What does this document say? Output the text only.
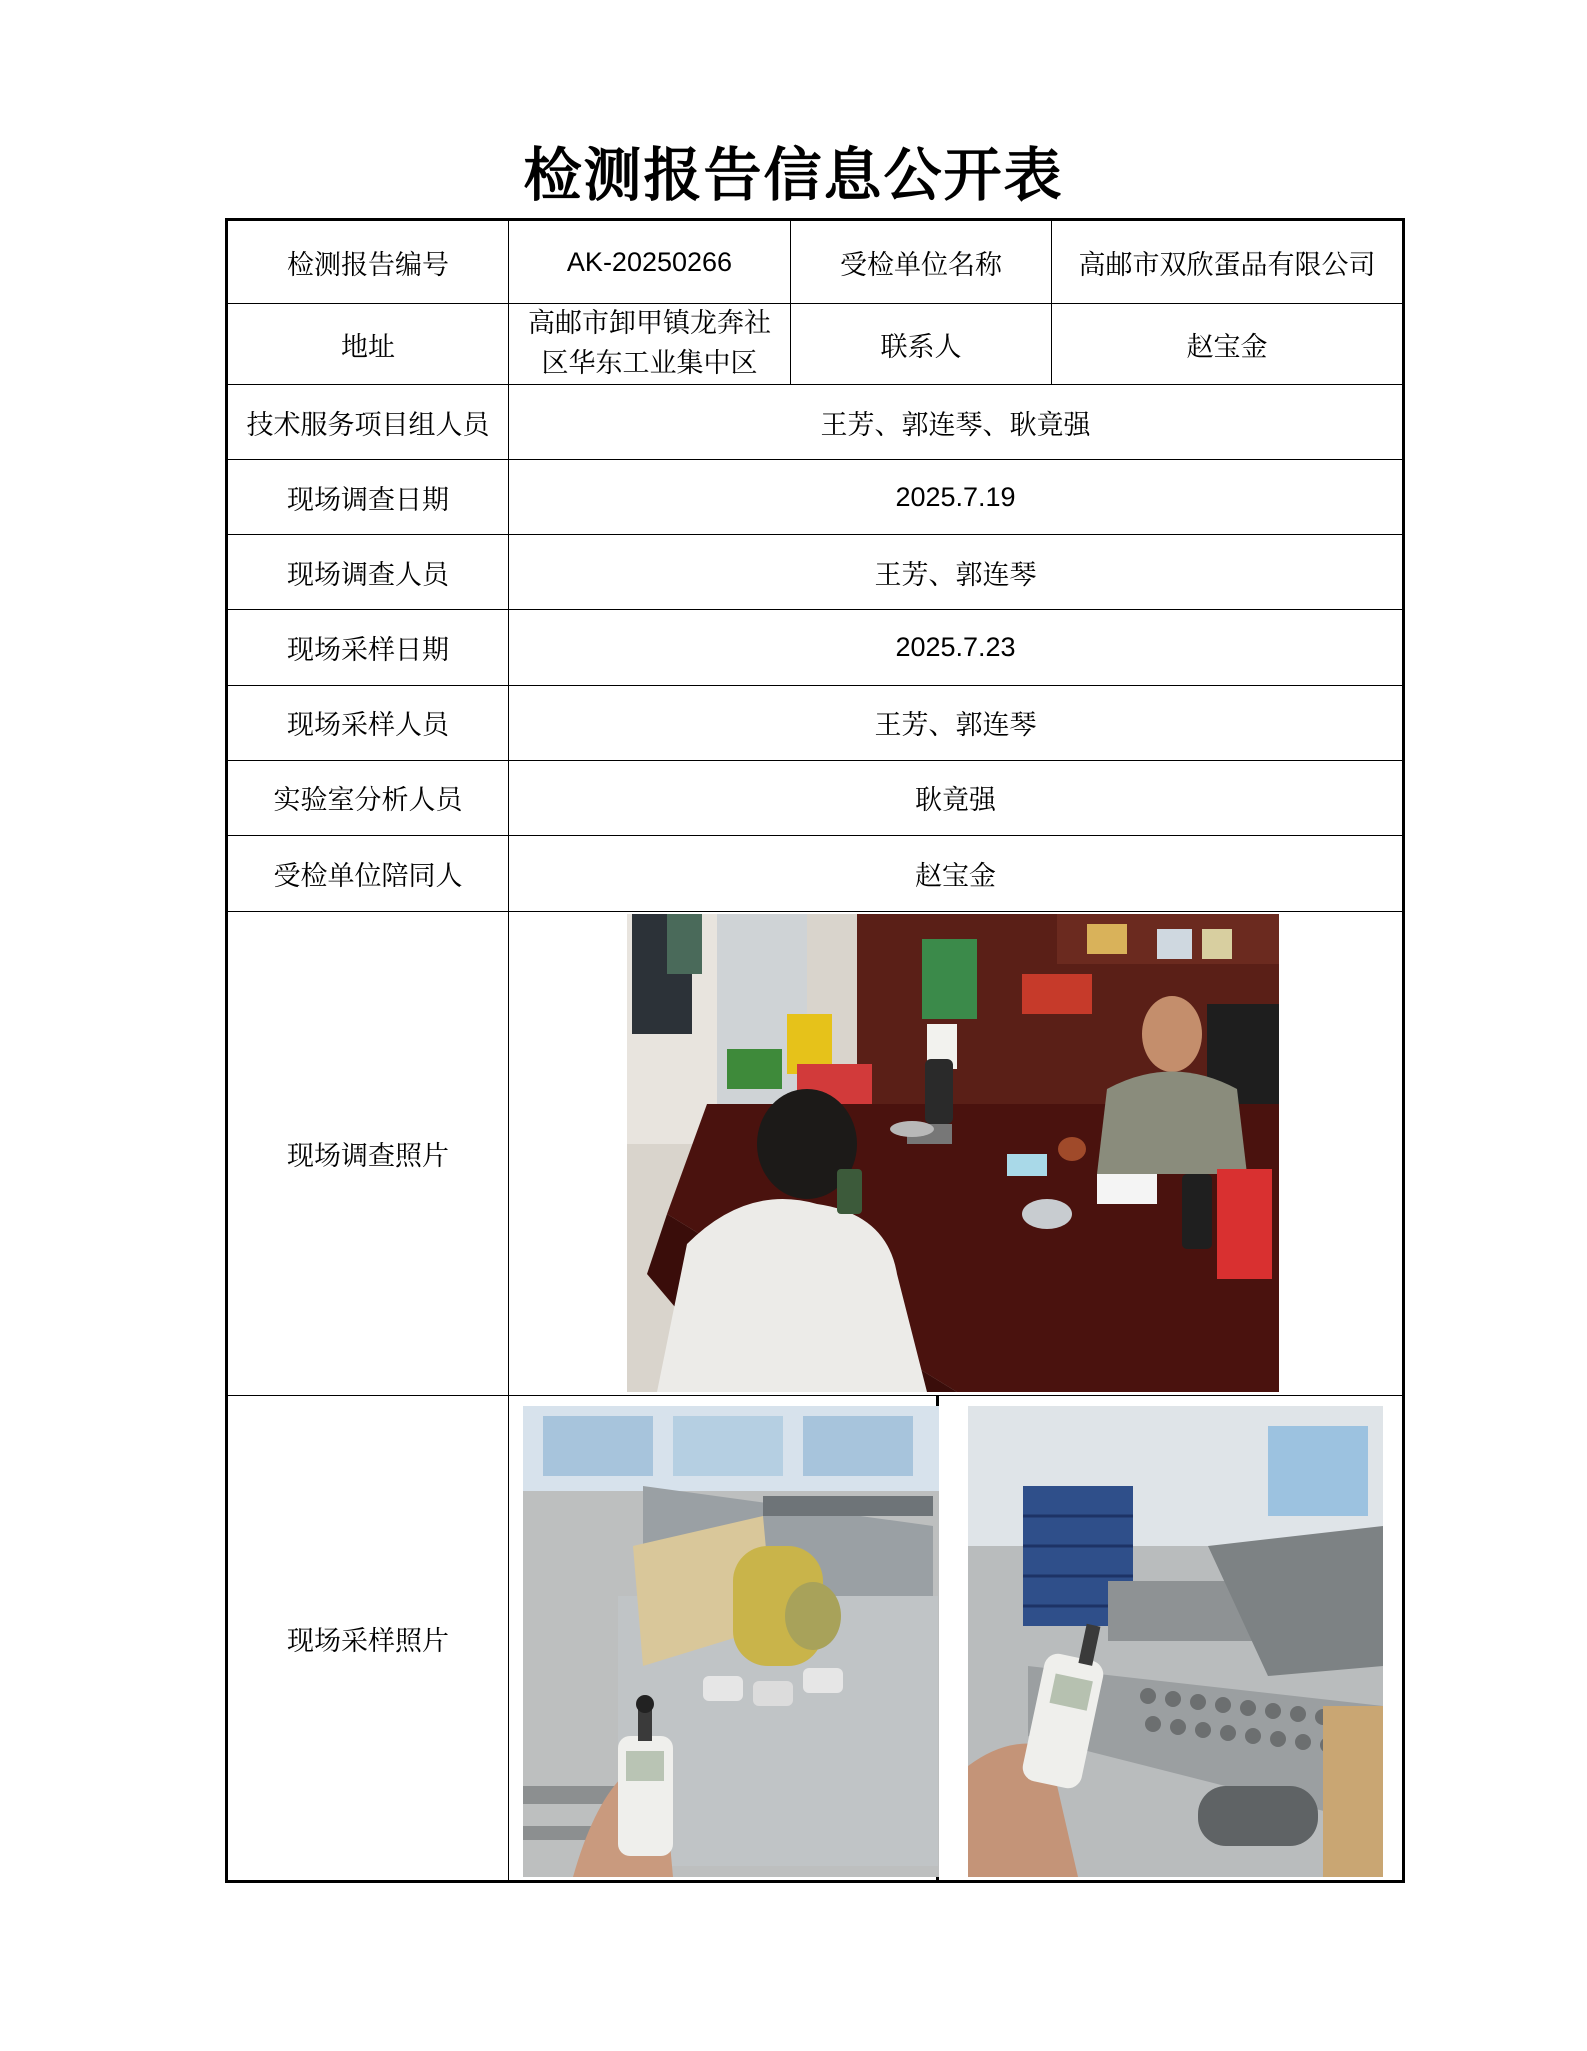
检测报告信息公开表
检测报告编号	AK-20250266	受检单位名称	高邮市双欣蛋品有限公司
地址	高邮市卸甲镇龙奔社区华东工业集中区	联系人	赵宝金
技术服务项目组人员	王芳、郭连琴、耿竟强		
现场调查日期	2025.7.19		
现场调查人员	王芳、郭连琴		
现场采样日期	2025.7.23		
现场采样人员	王芳、郭连琴		
实验室分析人员	耿竟强		
受检单位陪同人	赵宝金		
现场调查照片	

现场采样照片	
